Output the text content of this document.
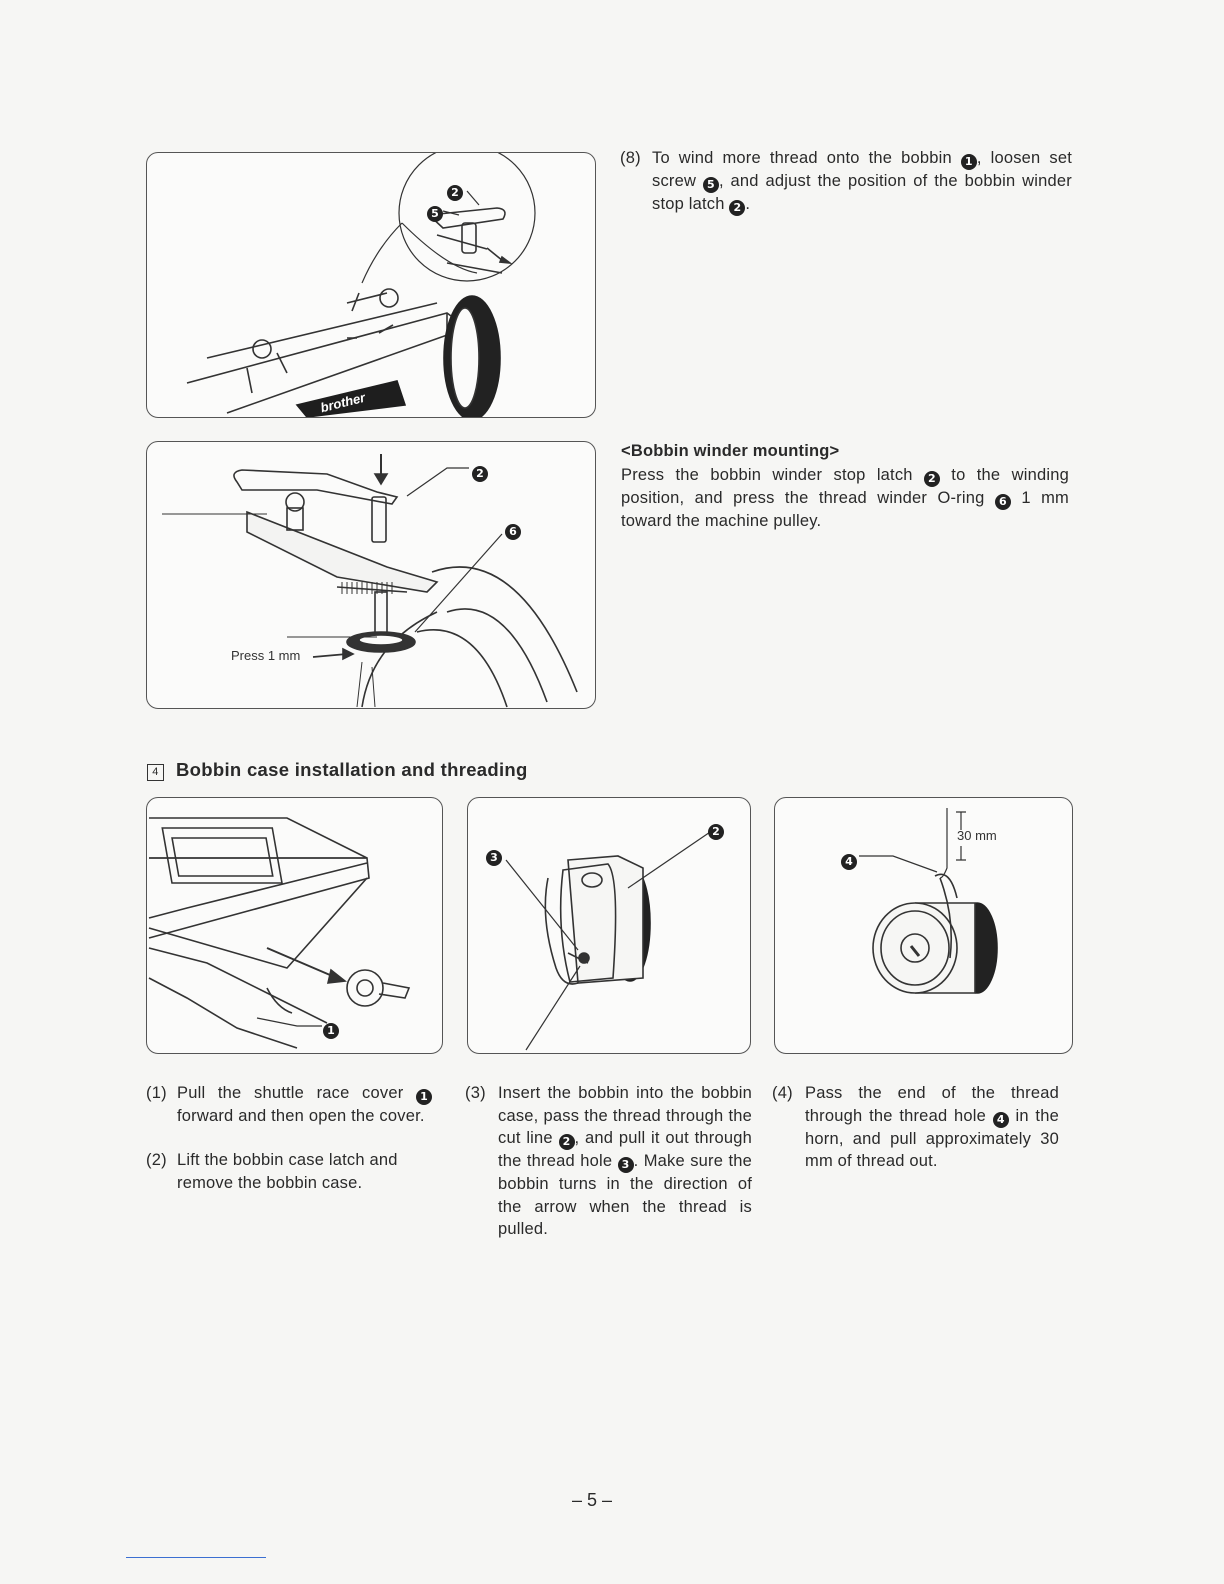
2
5
brother
2
6
Press 1 mm
(8) To wind more thread onto the bobbin 1 , loosen set screw 5 , and adjust the position of the bobbin winder stop latch 2 .
<Bobbin winder mounting>
Press the bobbin winder stop latch 2 to the winding position, and press the thread winder O-ring 6 1 mm toward the machine pulley.
4 Bobbin case installation and threading
1
2
3	4
30 mm
(1) Pull the shuttle race cover 1 forward and then open the cover.
(2) Lift the bobbin case latch and remove the bobbin case.
(3) Insert the bobbin into the bobbin case, pass the thread through the cut line 2 , and pull it out through the thread hole 3 . Make sure the bobbin turns in the direction of the arrow when the thread is pulled.
(4) Pass the end of the thread through the thread hole 4 in the horn, and pull approximately 30 mm of thread out.
– 5 –
